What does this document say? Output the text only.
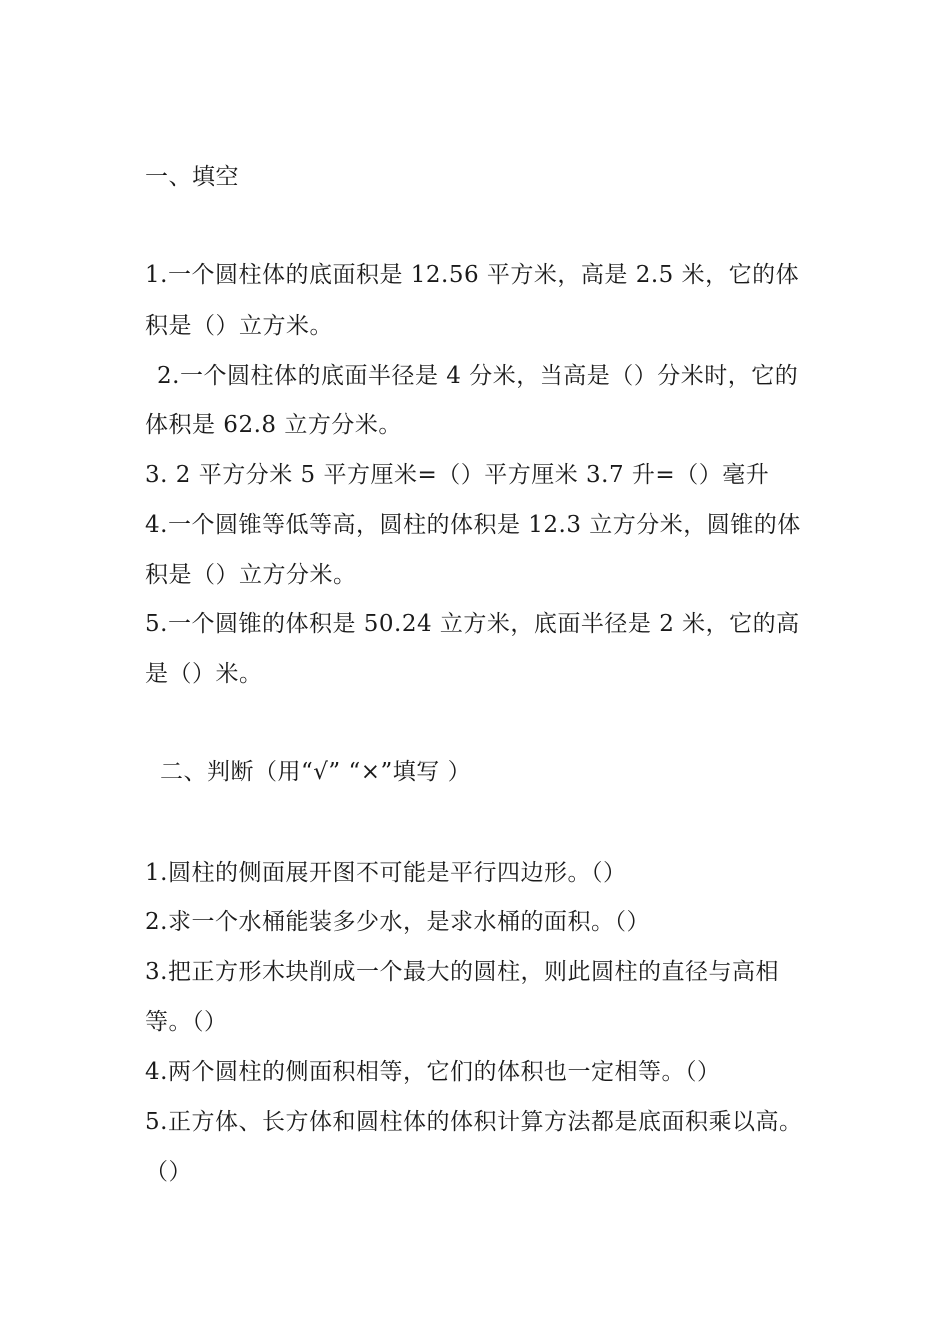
一、填空
1.一个圆柱体的底面积是 12.56 平方米，高是 2.5 米，它的体
积是（）立方米。
2.一个圆柱体的底面半径是 4 分米，当高是（）分米时，它的
体积是 62.8 立方分米。
3. 2 平方分米 5 平方厘米=（）平方厘米 3.7 升=（）毫升
4.一个圆锥等低等高，圆柱的体积是 12.3 立方分米，圆锥的体
积是（）立方分米。
5.一个圆锥的体积是 50.24 立方米，底面半径是 2 米，它的高
是（）米。
二、判断（用“√” “×”填写 ）
1.圆柱的侧面展开图不可能是平行四边形。（）
2.求一个水桶能装多少水，是求水桶的面积。（）
3.把正方形木块削成一个最大的圆柱，则此圆柱的直径与高相
等。（）
4.两个圆柱的侧面积相等，它们的体积也一定相等。（）
5.正方体、长方体和圆柱体的体积计算方法都是底面积乘以高。
（）
